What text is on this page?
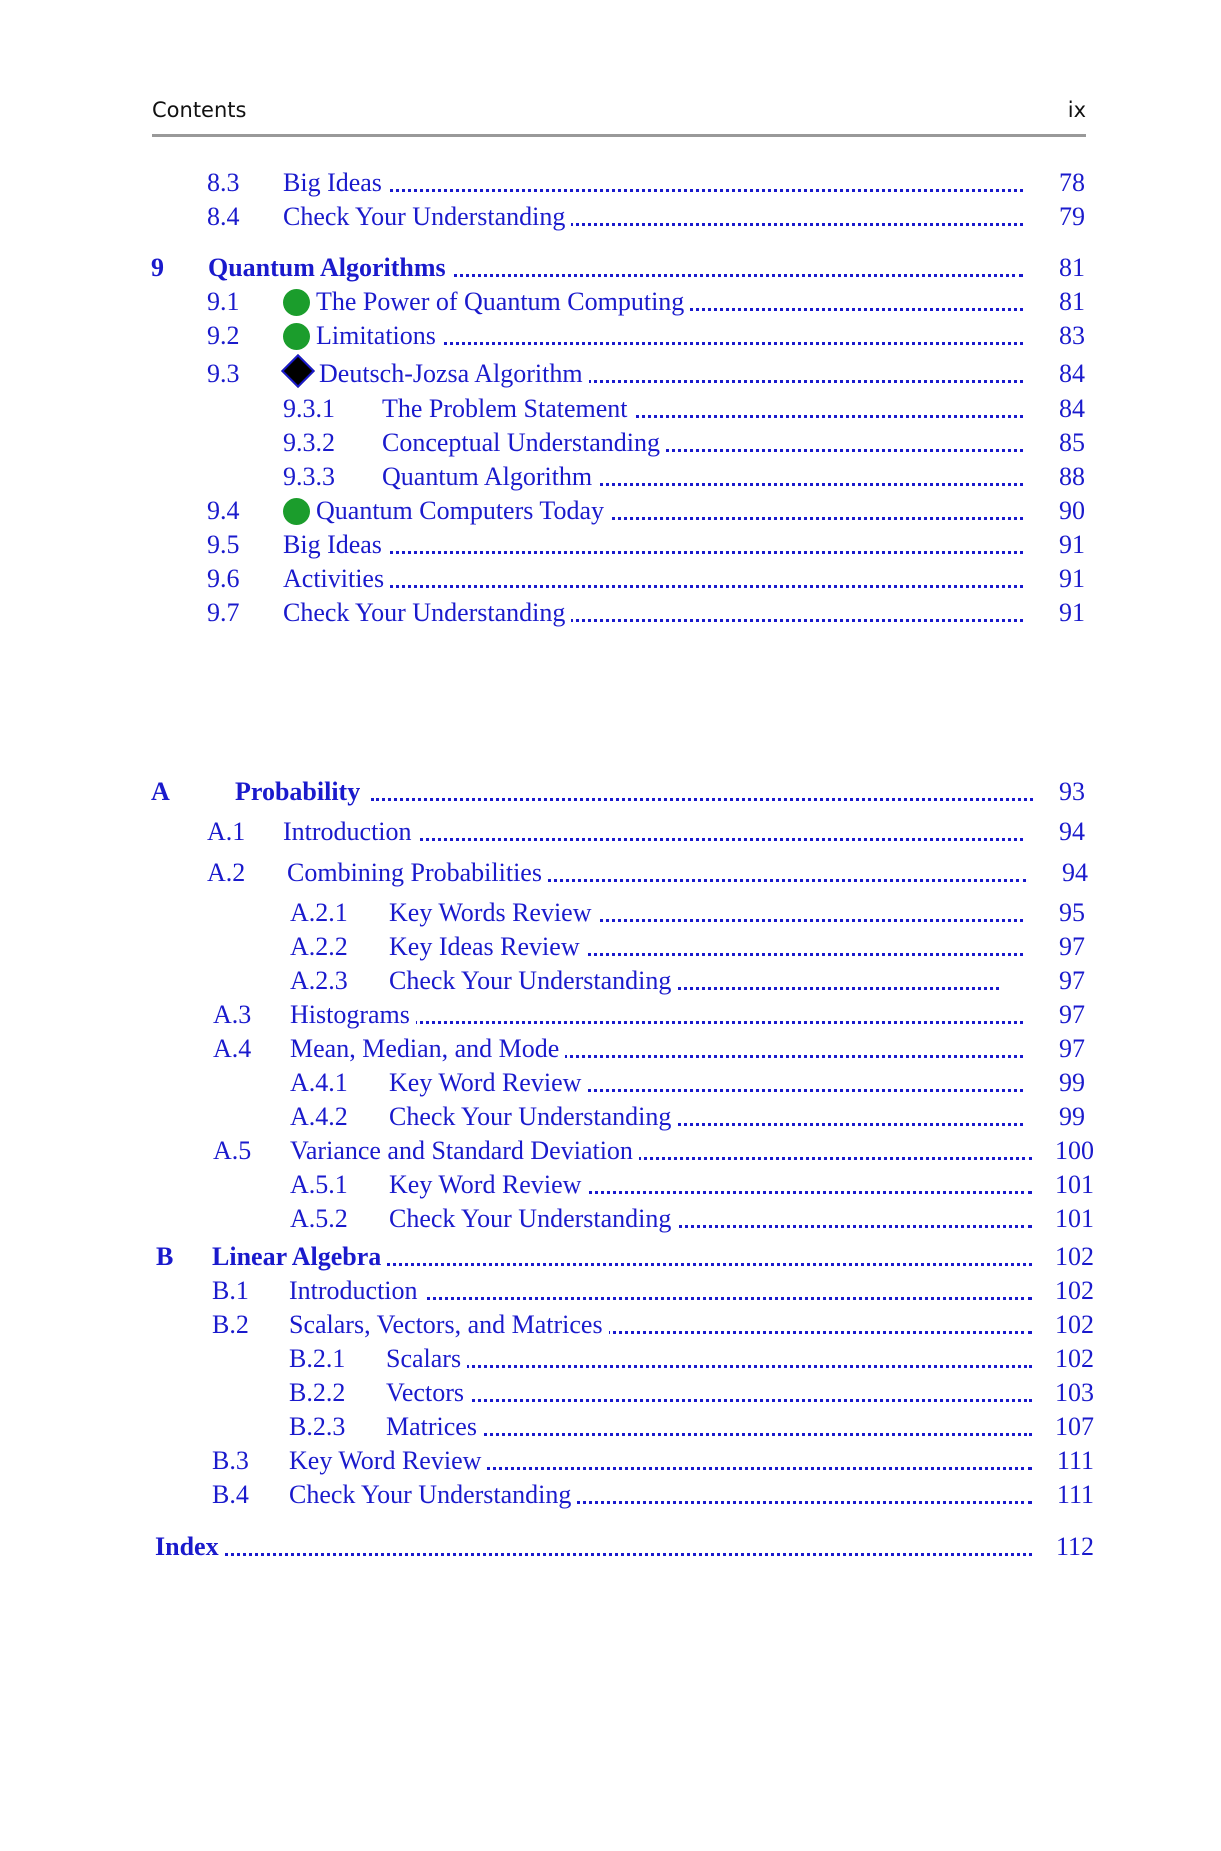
Contents	ix
8.3 Big Ideas	78
8.4 Check Your Understanding	79
9 Quantum Algorithms	81
9.1	The Power of Quantum Computing	81
9.2	Limitations	83
9.3	Deutsch-Jozsa Algorithm	84
9.3.1 The Problem Statement	84
9.3.2 Conceptual Understanding	85
9.3.3 Quantum Algorithm	88
9.4	Quantum Computers Today	90
9.5 Big Ideas	91
9.6 Activities	91
9.7 Check Your Understanding	91
A	Probability	93
A.1 Introduction	94
A.2 Combining Probabilities	94
A.2.1 Key Words Review	95
A.2.2 Key Ideas Review	97
A.2.3 Check Your Understanding	97
A.3 Histograms	97
A.4 Mean, Median, and Mode	97
A.4.1 Key Word Review	99
A.4.2 Check Your Understanding	99
A.5 Variance and Standard Deviation	100
A.5.1 Key Word Review	101
A.5.2 Check Your Understanding	101
B Linear Algebra	102
B.1 Introduction	102
B.2 Scalars, Vectors, and Matrices	102
B.2.1 Scalars	102
B.2.2 Vectors	103
B.2.3 Matrices	107
B.3 Key Word Review	111
B.4 Check Your Understanding	111
Index	112
